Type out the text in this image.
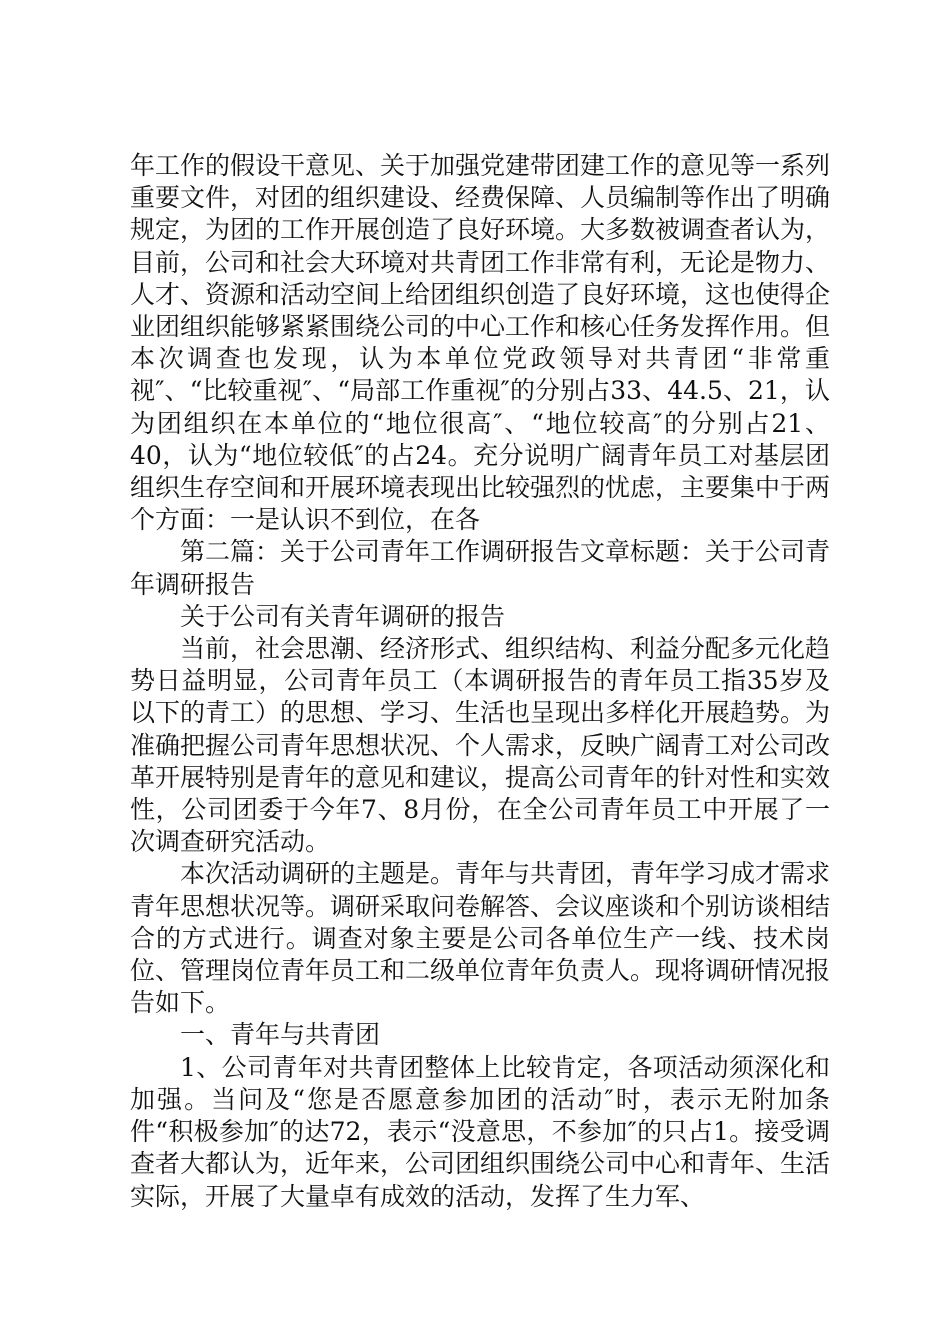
年工作的假设干意见、关于加强党建带团建工作的意见等一系列重要文件，对团的组织建设、经费保障、人员编制等作出了明确规定，为团的工作开展创造了良好环境。大多数被调查者认为，目前，公司和社会大环境对共青团工作非常有利，无论是物力、人才、资源和活动空间上给团组织创造了良好环境，这也使得企业团组织能够紧紧围绕公司的中心工作和核心任务发挥作用。但本次调查也发现，认为本单位党政领导对共青团“非常重视″、“比较重视″、“局部工作重视″的分别占33、44.5、21，认为团组织在本单位的“地位很高″、“地位较高″的分别占21、40，认为“地位较低″的占24。充分说明广阔青年员工对基层团组织生存空间和开展环境表现出比较强烈的忧虑，主要集中于两个方面：一是认识不到位，在各

第二篇：关于公司青年工作调研报告文章标题：关于公司青年调研报告

关于公司有关青年调研的报告

当前，社会思潮、经济形式、组织结构、利益分配多元化趋势日益明显，公司青年员工（本调研报告的青年员工指35岁及以下的青工）的思想、学习、生活也呈现出多样化开展趋势。为准确把握公司青年思想状况、个人需求，反映广阔青工对公司改革开展特别是青年的意见和建议，提高公司青年的针对性和实效性，公司团委于今年7、8月份，在全公司青年员工中开展了一次调查研究活动。

本次活动调研的主题是。青年与共青团，青年学习成才需求青年思想状况等。调研采取问卷解答、会议座谈和个别访谈相结合的方式进行。调查对象主要是公司各单位生产一线、技术岗位、管理岗位青年员工和二级单位青年负责人。现将调研情况报告如下。

一、青年与共青团

1、公司青年对共青团整体上比较肯定，各项活动须深化和加强。当问及“您是否愿意参加团的活动″时，表示无附加条件“积极参加″的达72，表示“没意思，不参加″的只占1。接受调查者大都认为，近年来，公司团组织围绕公司中心和青年、生活实际，开展了大量卓有成效的活动，发挥了生力军、
